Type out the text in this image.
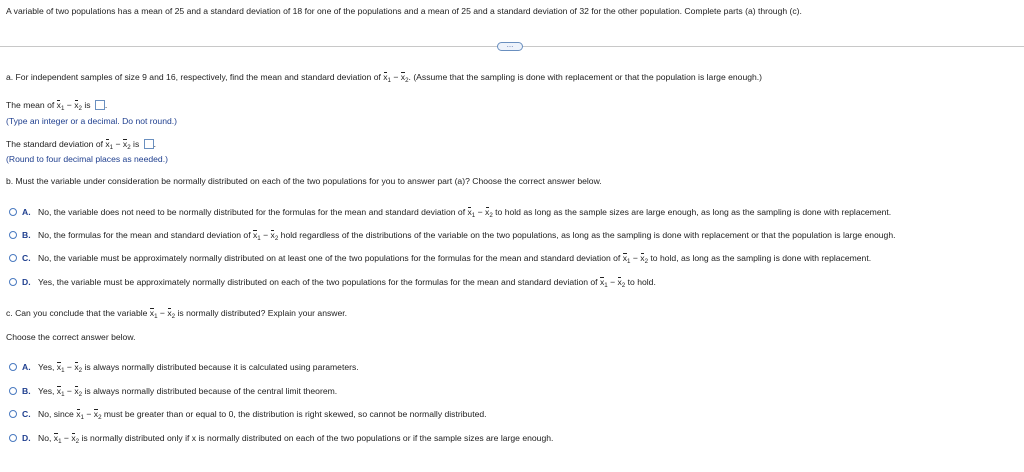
A variable of two populations has a mean of 25 and a standard deviation of 18 for one of the populations and a mean of 25 and a standard deviation of 32 for the other population. Complete parts (a) through (c).
…
a. For independent samples of size 9 and 16, respectively, find the mean and standard deviation of $x_1 - x_2$. (Assume that the sampling is done with replacement or that the population is large enough.)
The mean of $x_1 - x_2$ is .
(Type an integer or a decimal. Do not round.)
The standard deviation of $x_1 - x_2$ is .
(Round to four decimal places as needed.)
b. Must the variable under consideration be normally distributed on each of the two populations for you to answer part (a)? Choose the correct answer below.
A. No, the variable does not need to be normally distributed for the formulas for the mean and standard deviation of $x_1 - x_2$ to hold as long as the sample sizes are large enough, as long as the sampling is done with replacement.
B. No, the formulas for the mean and standard deviation of $x_1 - x_2$ hold regardless of the distributions of the variable on the two populations, as long as the sampling is done with replacement or that the population is large enough.
C. No, the variable must be approximately normally distributed on at least one of the two populations for the formulas for the mean and standard deviation of $x_1 - x_2$ to hold, as long as the sampling is done with replacement.
D. Yes, the variable must be approximately normally distributed on each of the two populations for the formulas for the mean and standard deviation of $x_1 - x_2$ to hold.
c. Can you conclude that the variable $x_1 - x_2$ is normally distributed? Explain your answer.
Choose the correct answer below.
A. Yes, $x_1 - x_2$ is always normally distributed because it is calculated using parameters.
B. Yes, $x_1 - x_2$ is always normally distributed because of the central limit theorem.
C. No, since $x_1 - x_2$ must be greater than or equal to 0, the distribution is right skewed, so cannot be normally distributed.
D. No, $x_1 - x_2$ is normally distributed only if x is normally distributed on each of the two populations or if the sample sizes are large enough.
